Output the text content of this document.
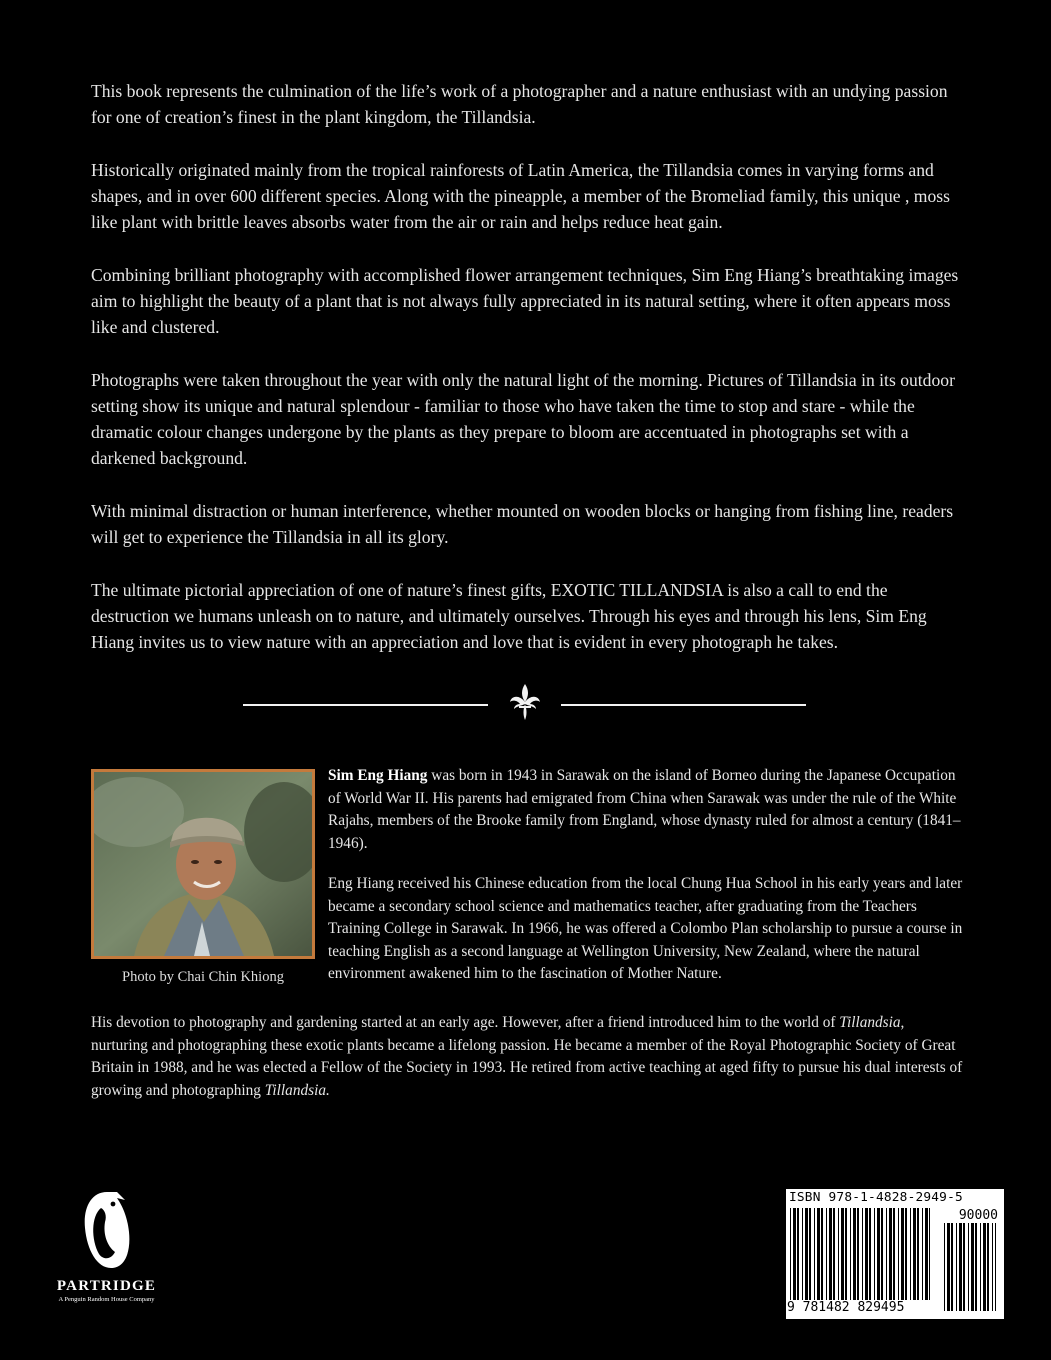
This book represents the culmination of the life’s work of a photographer and a nature enthusiast with an undying passion for one of creation’s finest in the plant kingdom, the Tillandsia.

Historically originated mainly from the tropical rainforests of Latin America, the Tillandsia comes in varying forms and shapes, and in over 600 different species. Along with the pineapple, a member of the Bromeliad family, this unique , moss like plant with brittle leaves absorbs water from the air or rain and helps reduce heat gain.

Combining brilliant photography with accomplished flower arrangement techniques, Sim Eng Hiang’s breathtaking images aim to highlight the beauty of a plant that is not always fully appreciated in its natural setting, where it often appears moss like and clustered.

Photographs were taken throughout the year with only the natural light of the morning. Pictures of Tillandsia in its outdoor setting show its unique and natural splendour - familiar to those who have taken the time to stop and stare - while the dramatic colour changes undergone by the plants as they prepare to bloom are accentuated in photographs set with a darkened background.

With minimal distraction or human interference, whether mounted on wooden blocks or hanging from fishing line, readers will get to experience the Tillandsia in all its glory.

The ultimate pictorial appreciation of one of nature’s finest gifts, EXOTIC TILLANDSIA is also a call to end the destruction we humans unleash on to nature, and ultimately ourselves. Through his eyes and through his lens, Sim Eng Hiang invites us to view nature with an appreciation and love that is evident in every photograph he takes.

Photo by Chai Chin Khiong

Sim Eng Hiang was born in 1943 in Sarawak on the island of Borneo during the Japanese Occupation of World War II. His parents had emigrated from China when Sarawak was under the rule of the White Rajahs, members of the Brooke family from England, whose dynasty ruled for almost a century (1841–1946).

Eng Hiang received his Chinese education from the local Chung Hua School in his early years and later became a secondary school science and mathematics teacher, after graduating from the Teachers Training College in Sarawak. In 1966, he was offered a Colombo Plan scholarship to pursue a course in teaching English as a second language at Wellington University, New Zealand, where the natural environment awakened him to the fascination of Mother Nature.

His devotion to photography and gardening started at an early age. However, after a friend introduced him to the world of Tillandsia, nurturing and photographing these exotic plants became a lifelong passion. He became a member of the Royal Photographic Society of Great Britain in 1988, and he was elected a Fellow of the Society in 1993. He retired from active teaching at aged fifty to pursue his dual interests of growing and photographing Tillandsia.

PARTRIDGE
A Penguin Random House Company
ISBN 978-1-4828-2949-5
90000
9 781482 829495
